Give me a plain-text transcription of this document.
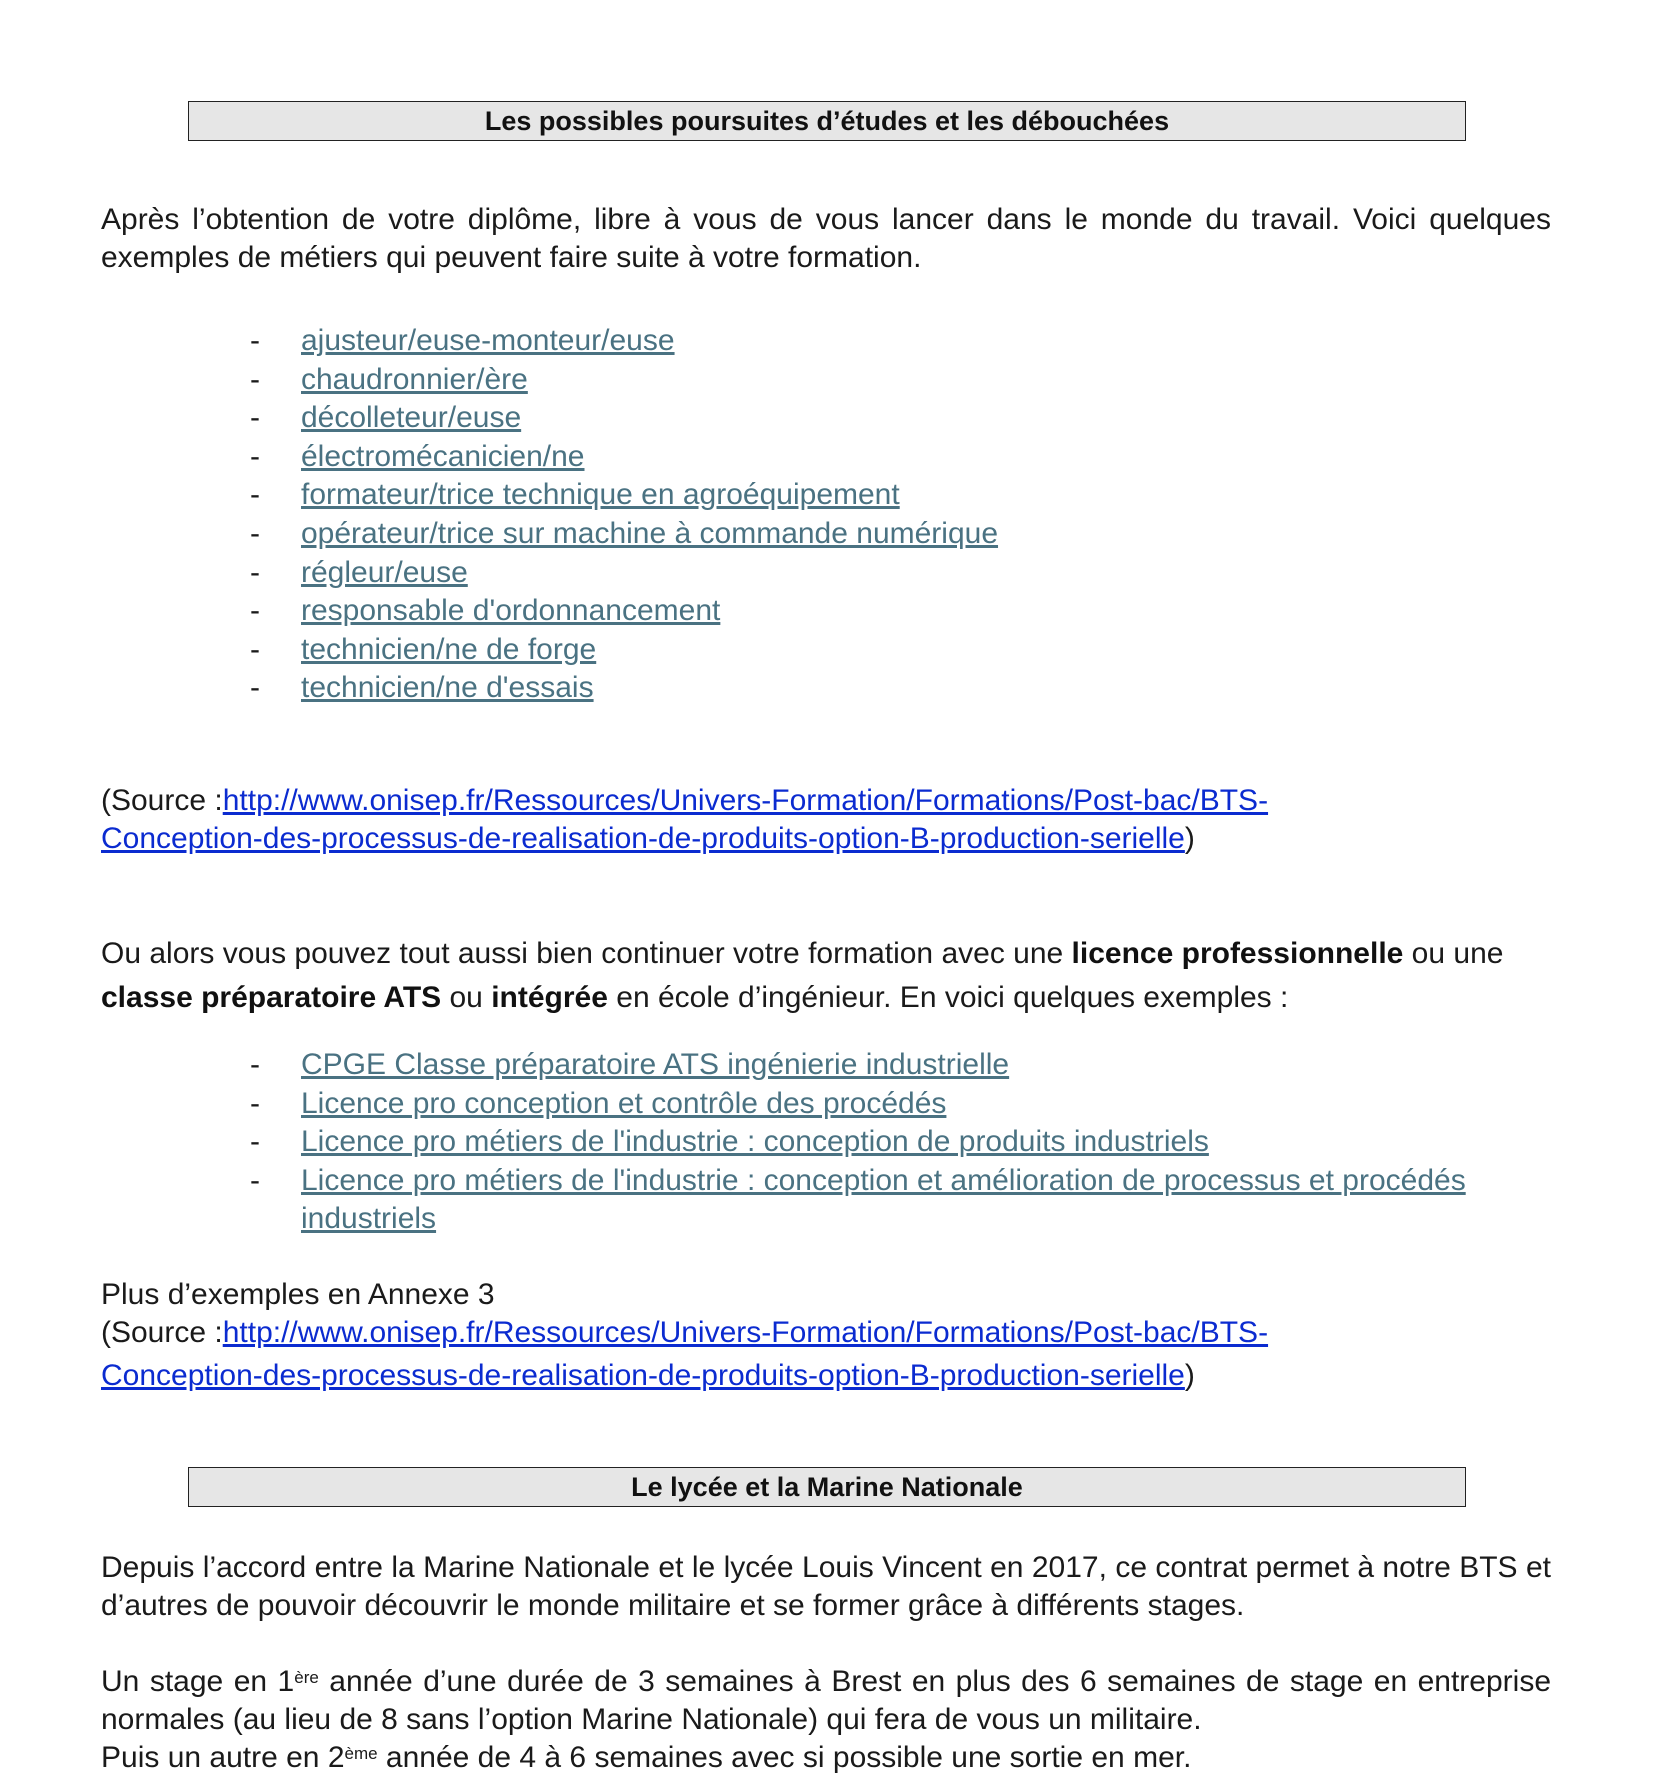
Les possibles poursuites d’études et les débouchées

Après l’obtention de votre diplôme, libre à vous de vous lancer dans le monde du travail. Voici quelques exemples de métiers qui peuvent faire suite à votre formation.

- ajusteur/euse-monteur/euse
- chaudronnier/ère
- décolleteur/euse
- électromécanicien/ne
- formateur/trice technique en agroéquipement
- opérateur/trice sur machine à commande numérique
- régleur/euse
- responsable d'ordonnancement
- technicien/ne de forge
- technicien/ne d'essais
(Source :http://www.onisep.fr/Ressources/Univers-Formation/Formations/Post-bac/BTS-
Conception-des-processus-de-realisation-de-produits-option-B-production-serielle)

Ou alors vous pouvez tout aussi bien continuer votre formation avec une licence professionnelle ou une classe préparatoire ATS ou intégrée en école d’ingénieur. En voici quelques exemples :

- CPGE Classe préparatoire ATS ingénierie industrielle
- Licence pro conception et contrôle des procédés
- Licence pro métiers de l'industrie : conception de produits industriels
- Licence pro métiers de l'industrie : conception et amélioration de processus et procédés industriels
Plus d’exemples en Annexe 3
(Source :http://www.onisep.fr/Ressources/Univers-Formation/Formations/Post-bac/BTS-
Conception-des-processus-de-realisation-de-produits-option-B-production-serielle)
Le lycée et la Marine Nationale

Depuis l’accord entre la Marine Nationale et le lycée Louis Vincent en 2017, ce contrat permet à notre BTS et d’autres de pouvoir découvrir le monde militaire et se former grâce à différents stages.

Un stage en 1ère année d’une durée de 3 semaines à Brest en plus des 6 semaines de stage en entreprise normales (au lieu de 8 sans l’option Marine Nationale) qui fera de vous un militaire.

Puis un autre en 2ème année de 4 à 6 semaines avec si possible une sortie en mer.
